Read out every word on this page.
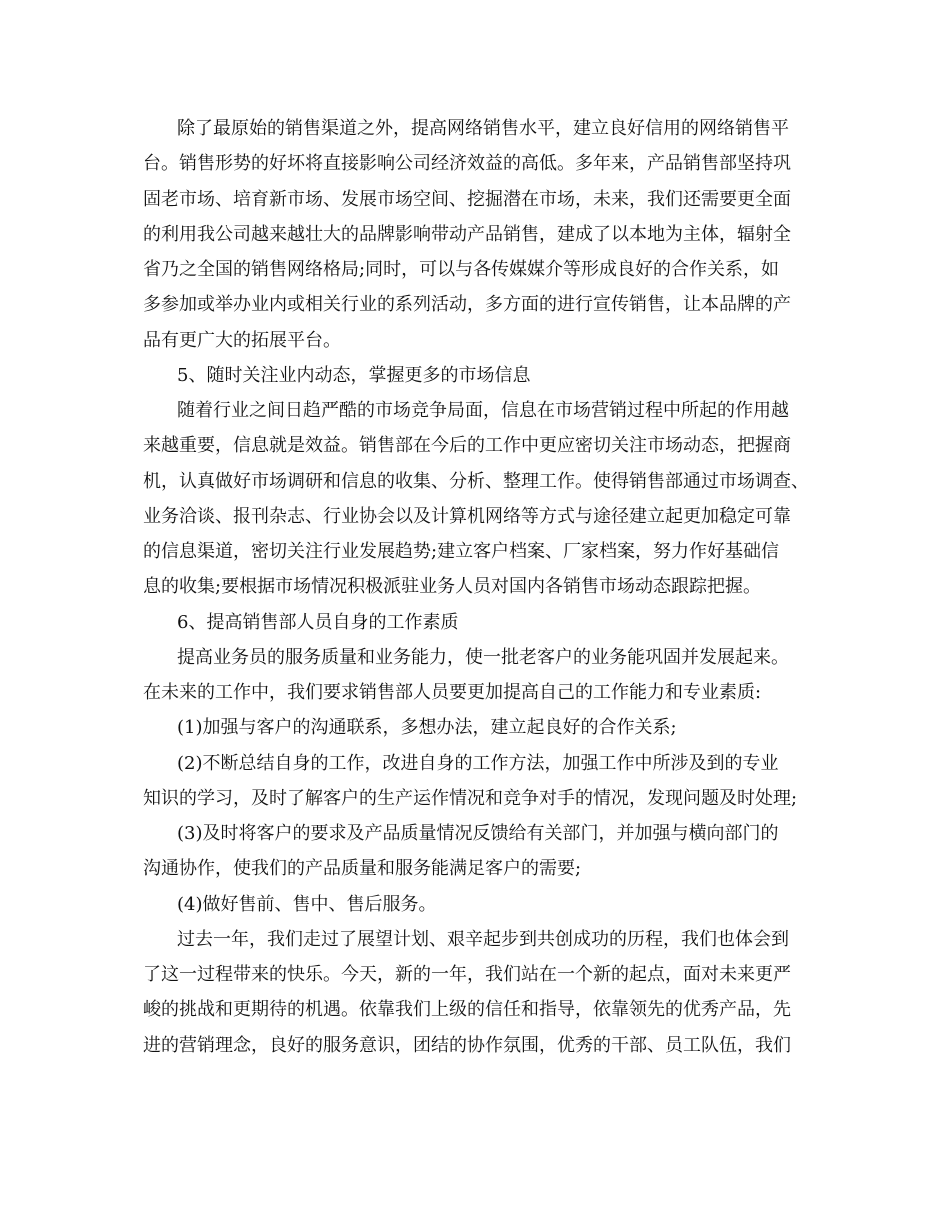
除了最原始的销售渠道之外，提高网络销售水平，建立良好信用的网络销售平
台。销售形势的好坏将直接影响公司经济效益的高低。多年来，产品销售部坚持巩
固老市场、培育新市场、发展市场空间、挖掘潜在市场，未来，我们还需要更全面
的利用我公司越来越壮大的品牌影响带动产品销售，建成了以本地为主体，辐射全
省乃之全国的销售网络格局;同时，可以与各传媒媒介等形成良好的合作关系，如
多参加或举办业内或相关行业的系列活动，多方面的进行宣传销售，让本品牌的产
品有更广大的拓展平台。
5、随时关注业内动态，掌握更多的市场信息
随着行业之间日趋严酷的市场竞争局面，信息在市场营销过程中所起的作用越
来越重要，信息就是效益。销售部在今后的工作中更应密切关注市场动态，把握商
机，认真做好市场调研和信息的收集、分析、整理工作。使得销售部通过市场调查、
业务洽谈、报刊杂志、行业协会以及计算机网络等方式与途径建立起更加稳定可靠
的信息渠道，密切关注行业发展趋势;建立客户档案、厂家档案，努力作好基础信
息的收集;要根据市场情况积极派驻业务人员对国内各销售市场动态跟踪把握。
6、提高销售部人员自身的工作素质
提高业务员的服务质量和业务能力，使一批老客户的业务能巩固并发展起来。
在未来的工作中，我们要求销售部人员要更加提高自己的工作能力和专业素质:
(1)加强与客户的沟通联系，多想办法，建立起良好的合作关系;
(2)不断总结自身的工作，改进自身的工作方法，加强工作中所涉及到的专业
知识的学习，及时了解客户的生产运作情况和竞争对手的情况，发现问题及时处理;
(3)及时将客户的要求及产品质量情况反馈给有关部门，并加强与横向部门的
沟通协作，使我们的产品质量和服务能满足客户的需要;
(4)做好售前、售中、售后服务。
过去一年，我们走过了展望计划、艰辛起步到共创成功的历程，我们也体会到
了这一过程带来的快乐。今天，新的一年，我们站在一个新的起点，面对未来更严
峻的挑战和更期待的机遇。依靠我们上级的信任和指导，依靠领先的优秀产品，先
进的营销理念，良好的服务意识，团结的协作氛围，优秀的干部、员工队伍，我们
